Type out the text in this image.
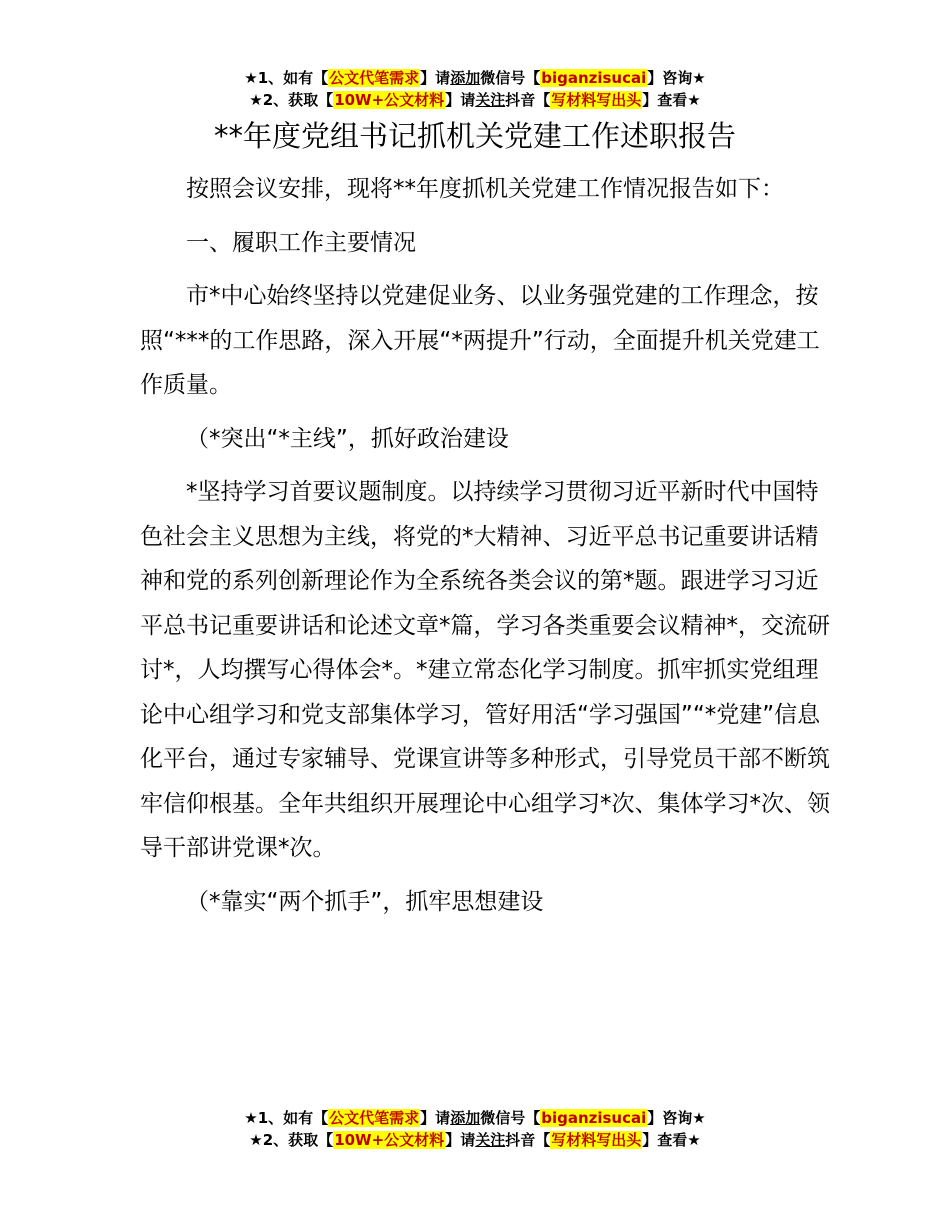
★1、如有【公文代笔需求】请添加微信号【biganzisucai】咨询★
★2、获取【10W+公文材料】请关注抖音【写材料写出头】查看★
**年度党组书记抓机关党建工作述职报告

按照会议安排，现将**年度抓机关党建工作情况报告如下：

一、履职工作主要情况

市*中心始终坚持以党建促业务、以业务强党建的工作理念，按照“***的工作思路，深入开展“*两提升”行动，全面提升机关党建工作质量。

（*突出“*主线”，抓好政治建设

*坚持学习首要议题制度。以持续学习贯彻习近平新时代中国特色社会主义思想为主线，将党的*大精神、习近平总书记重要讲话精神和党的系列创新理论作为全系统各类会议的第*题。跟进学习习近平总书记重要讲话和论述文章*篇，学习各类重要会议精神*，交流研讨*，人均撰写心得体会*。*建立常态化学习制度。抓牢抓实党组理论中心组学习和党支部集体学习，管好用活“学习强国”“*党建”信息化平台，通过专家辅导、党课宣讲等多种形式，引导党员干部不断筑牢信仰根基。全年共组织开展理论中心组学习*次、集体学习*次、领导干部讲党课*次。

（*靠实“两个抓手”，抓牢思想建设

★1、如有【公文代笔需求】请添加微信号【biganzisucai】咨询★
★2、获取【10W+公文材料】请关注抖音【写材料写出头】查看★
